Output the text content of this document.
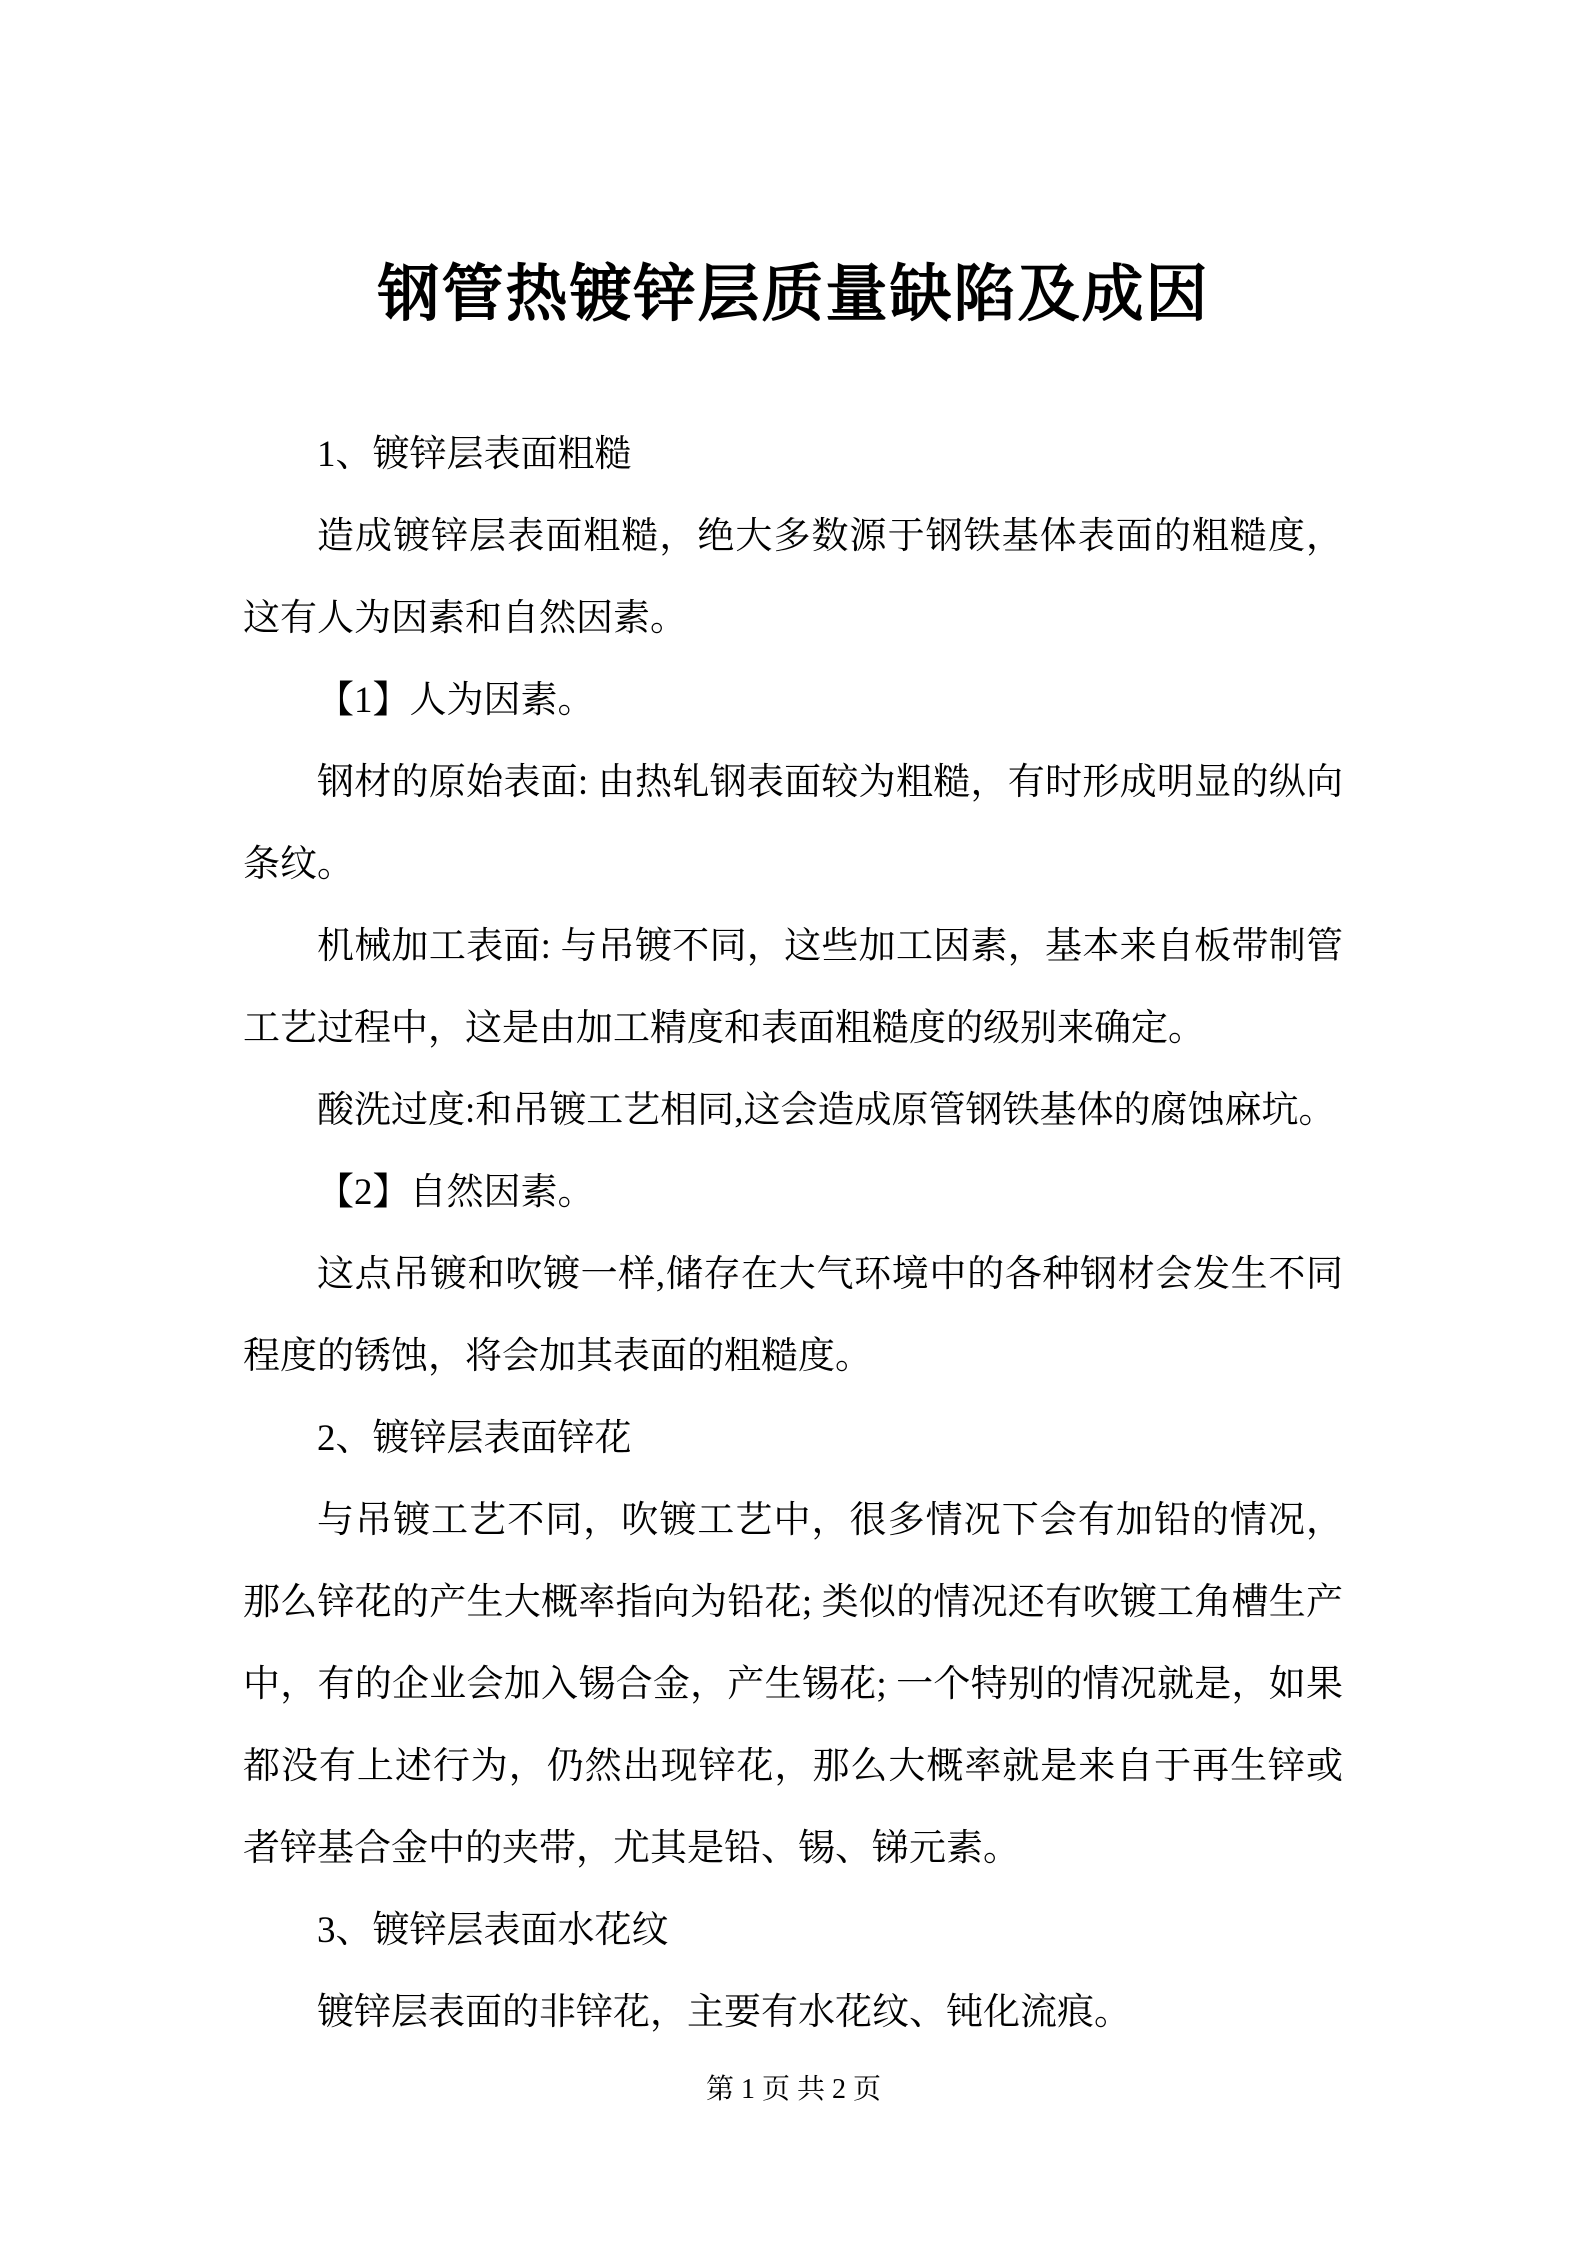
钢管热镀锌层质量缺陷及成因

1、镀锌层表面粗糙

造成镀锌层表面粗糙，绝大多数源于钢铁基体表面的粗糙度，这有人为因素和自然因素。

【1】人为因素。

钢材的原始表面: 由热轧钢表面较为粗糙，有时形成明显的纵向条纹。

机械加工表面: 与吊镀不同，这些加工因素，基本来自板带制管工艺过程中，这是由加工精度和表面粗糙度的级别来确定。

酸洗过度:和吊镀工艺相同,这会造成原管钢铁基体的腐蚀麻坑。

【2】自然因素。

这点吊镀和吹镀一样,储存在大气环境中的各种钢材会发生不同程度的锈蚀，将会加其表面的粗糙度。

2、镀锌层表面锌花

与吊镀工艺不同，吹镀工艺中，很多情况下会有加铅的情况，那么锌花的产生大概率指向为铅花; 类似的情况还有吹镀工角槽生产中，有的企业会加入锡合金，产生锡花; 一个特别的情况就是，如果都没有上述行为，仍然出现锌花，那么大概率就是来自于再生锌或者锌基合金中的夹带，尤其是铅、锡、锑元素。

3、镀锌层表面水花纹

镀锌层表面的非锌花，主要有水花纹、钝化流痕。

第 1 页 共 2 页
